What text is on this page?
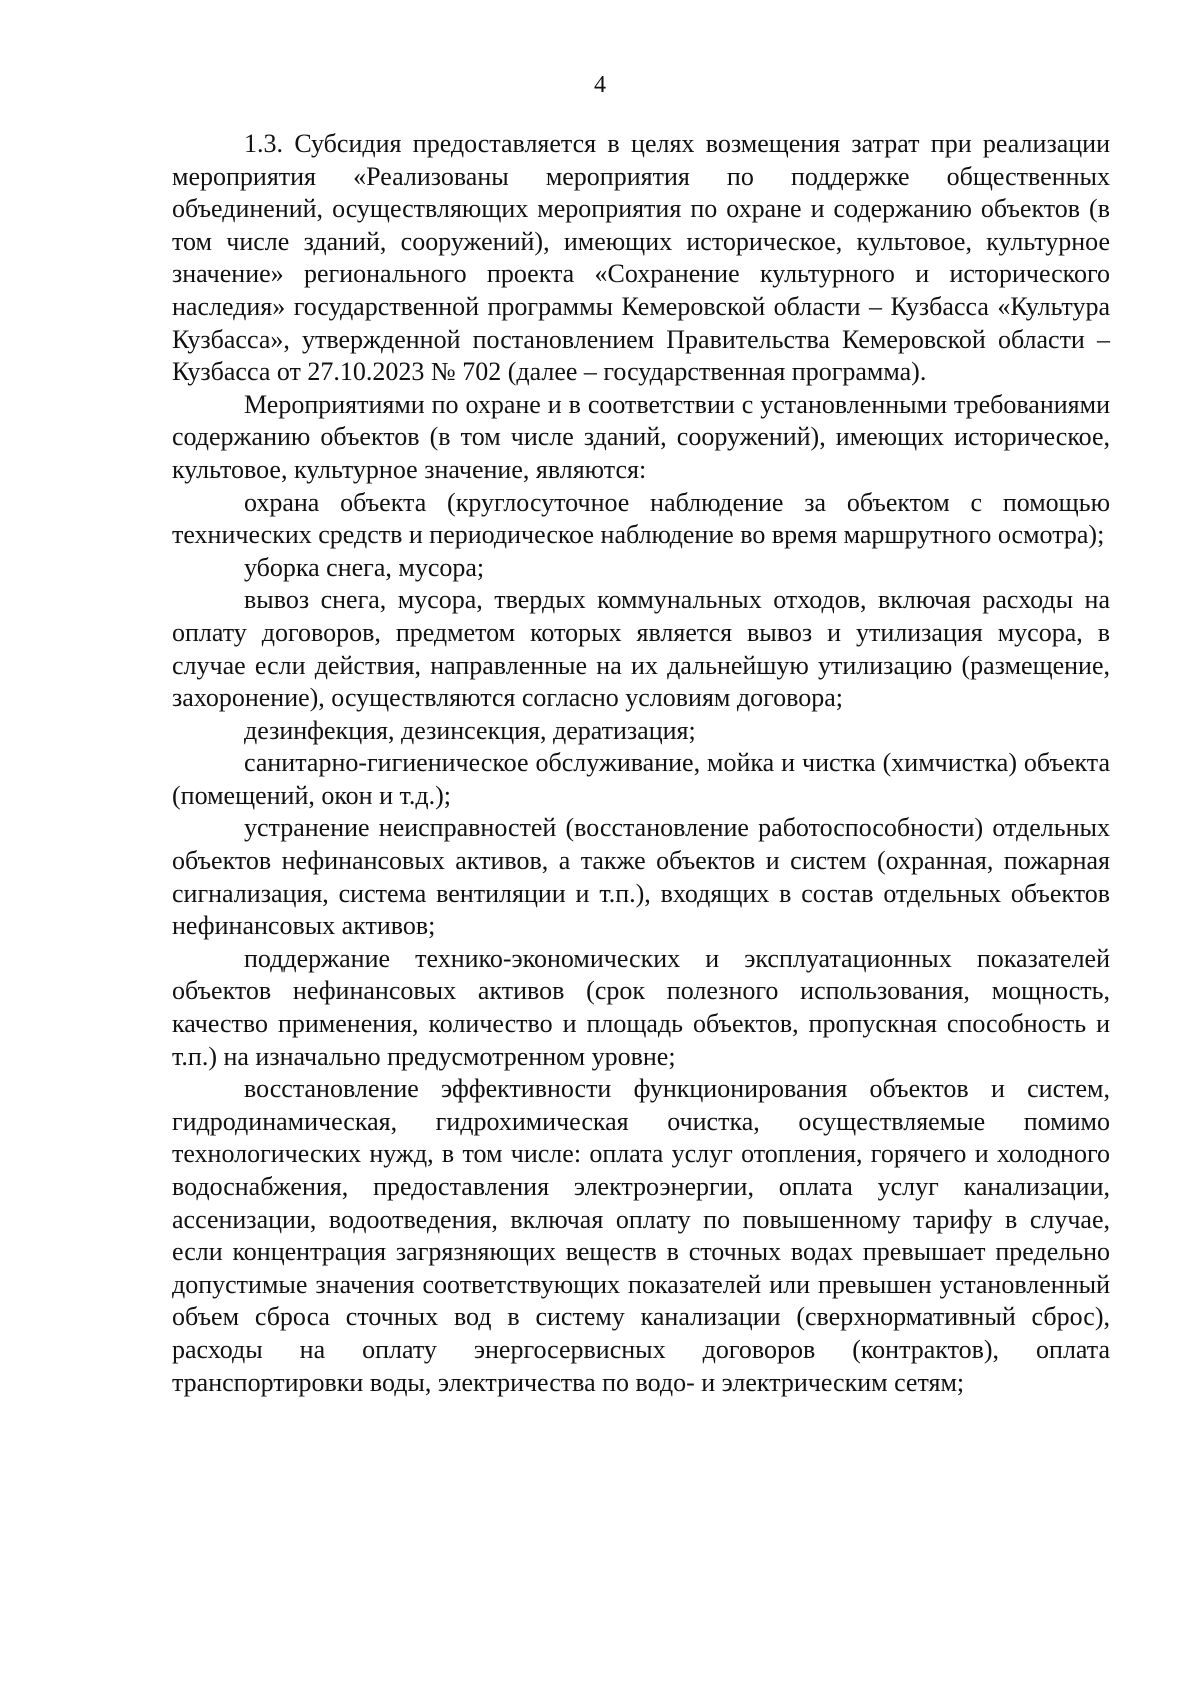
4

1.3. Субсидия предоставляется в целях возмещения затрат при реализации мероприятия «Реализованы мероприятия по поддержке общественных объединений, осуществляющих мероприятия по охране и содержанию объектов (в том числе зданий, сооружений), имеющих историческое, культовое, культурное значение» регионального проекта «Сохранение культурного и исторического наследия» государственной программы Кемеровской области – Кузбасса «Культура Кузбасса», утвержденной постановлением Правительства Кемеровской области – Кузбасса от 27.10.2023 № 702 (далее – государственная программа).

Мероприятиями по охране и в соответствии с установленными требованиями содержанию объектов (в том числе зданий, сооружений), имеющих историческое, культовое, культурное значение, являются:

охрана объекта (круглосуточное наблюдение за объектом с помощью технических средств и периодическое наблюдение во время маршрутного осмотра);

уборка снега, мусора;

вывоз снега, мусора, твердых коммунальных отходов, включая расходы на оплату договоров, предметом которых является вывоз и утилизация мусора, в случае если действия, направленные на их дальнейшую утилизацию (размещение, захоронение), осуществляются согласно условиям договора;

дезинфекция, дезинсекция, дератизация;

санитарно-гигиеническое обслуживание, мойка и чистка (химчистка) объекта (помещений, окон и т.д.);

устранение неисправностей (восстановление работоспособности) отдельных объектов нефинансовых активов, а также объектов и систем (охранная, пожарная сигнализация, система вентиляции и т.п.), входящих в состав отдельных объектов нефинансовых активов;

поддержание технико-экономических и эксплуатационных показателей объектов нефинансовых активов (срок полезного использования, мощность, качество применения, количество и площадь объектов, пропускная способность и т.п.) на изначально предусмотренном уровне;

восстановление эффективности функционирования объектов и систем, гидродинамическая, гидрохимическая очистка, осуществляемые помимо технологических нужд, в том числе: оплата услуг отопления, горячего и холодного водоснабжения, предоставления электроэнергии, оплата услуг канализации, ассенизации, водоотведения, включая оплату по повышенному тарифу в случае, если концентрация загрязняющих веществ в сточных водах превышает предельно допустимые значения соответствующих показателей или превышен установленный объем сброса сточных вод в систему канализации (сверхнормативный сброс), расходы на оплату энергосервисных договоров (контрактов), оплата транспортировки воды, электричества по водо- и электрическим сетям;
